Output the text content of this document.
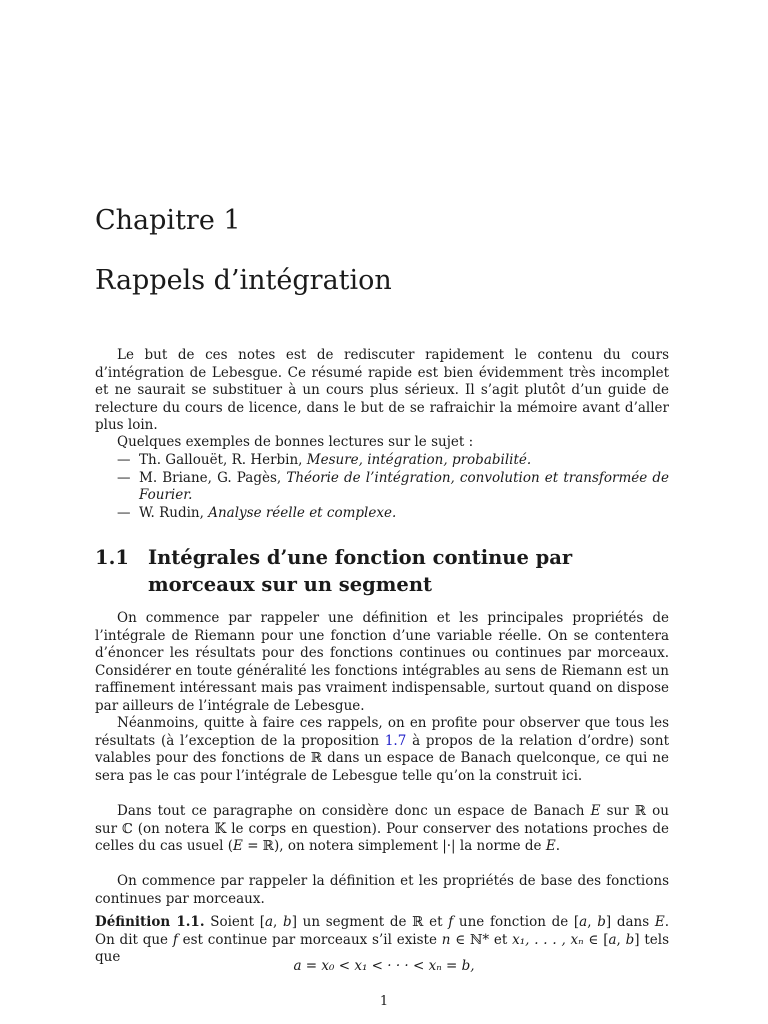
Chapitre 1
Rappels d’intégration

Le but de ces notes est de rediscuter rapidement le contenu du cours d’intégration de Lebesgue. Ce résumé rapide est bien évidemment très incomplet et ne saurait se substituer à un cours plus sérieux. Il s’agit plutôt d’un guide de relecture du cours de licence, dans le but de se rafraichir la mémoire avant d’aller plus loin.

Quelques exemples de bonnes lectures sur le sujet :

— Th. Gallouët, R. Herbin, Mesure, intégration, probabilité.
— M. Briane, G. Pagès, Théorie de l’intégration, convolution et transformée de Fourier.
— W. Rudin, Analyse réelle et complexe.
1.1 Intégrales d’une fonction continue par morceaux sur un segment

On commence par rappeler une définition et les principales propriétés de l’intégrale de Riemann pour une fonction d’une variable réelle. On se contentera d’énoncer les résultats pour des fonctions continues ou continues par morceaux. Considérer en toute généralité les fonctions intégrables au sens de Riemann est un raffinement intéressant mais pas vraiment indispensable, surtout quand on dispose par ailleurs de l’intégrale de Lebesgue.

Néanmoins, quitte à faire ces rappels, on en profite pour observer que tous les résultats (à l’exception de la proposition 1.7 à propos de la relation d’ordre) sont valables pour des fonctions de ℝ dans un espace de Banach quelconque, ce qui ne sera pas le cas pour l’intégrale de Lebesgue telle qu’on la construit ici.

Dans tout ce paragraphe on considère donc un espace de Banach E sur ℝ ou sur ℂ (on notera 𝕂 le corps en question). Pour conserver des notations proches de celles du cas usuel (E = ℝ), on notera simplement |·| la norme de E.

On commence par rappeler la définition et les propriétés de base des fonctions continues par morceaux.

Définition 1.1. Soient [a, b] un segment de ℝ et f une fonction de [a, b] dans E. On dit que f est continue par morceaux s’il existe n ∈ ℕ* et x₁, . . . , xₙ ∈ [a, b] tels que

a = x₀ < x₁ < · · · < xₙ = b,
1
